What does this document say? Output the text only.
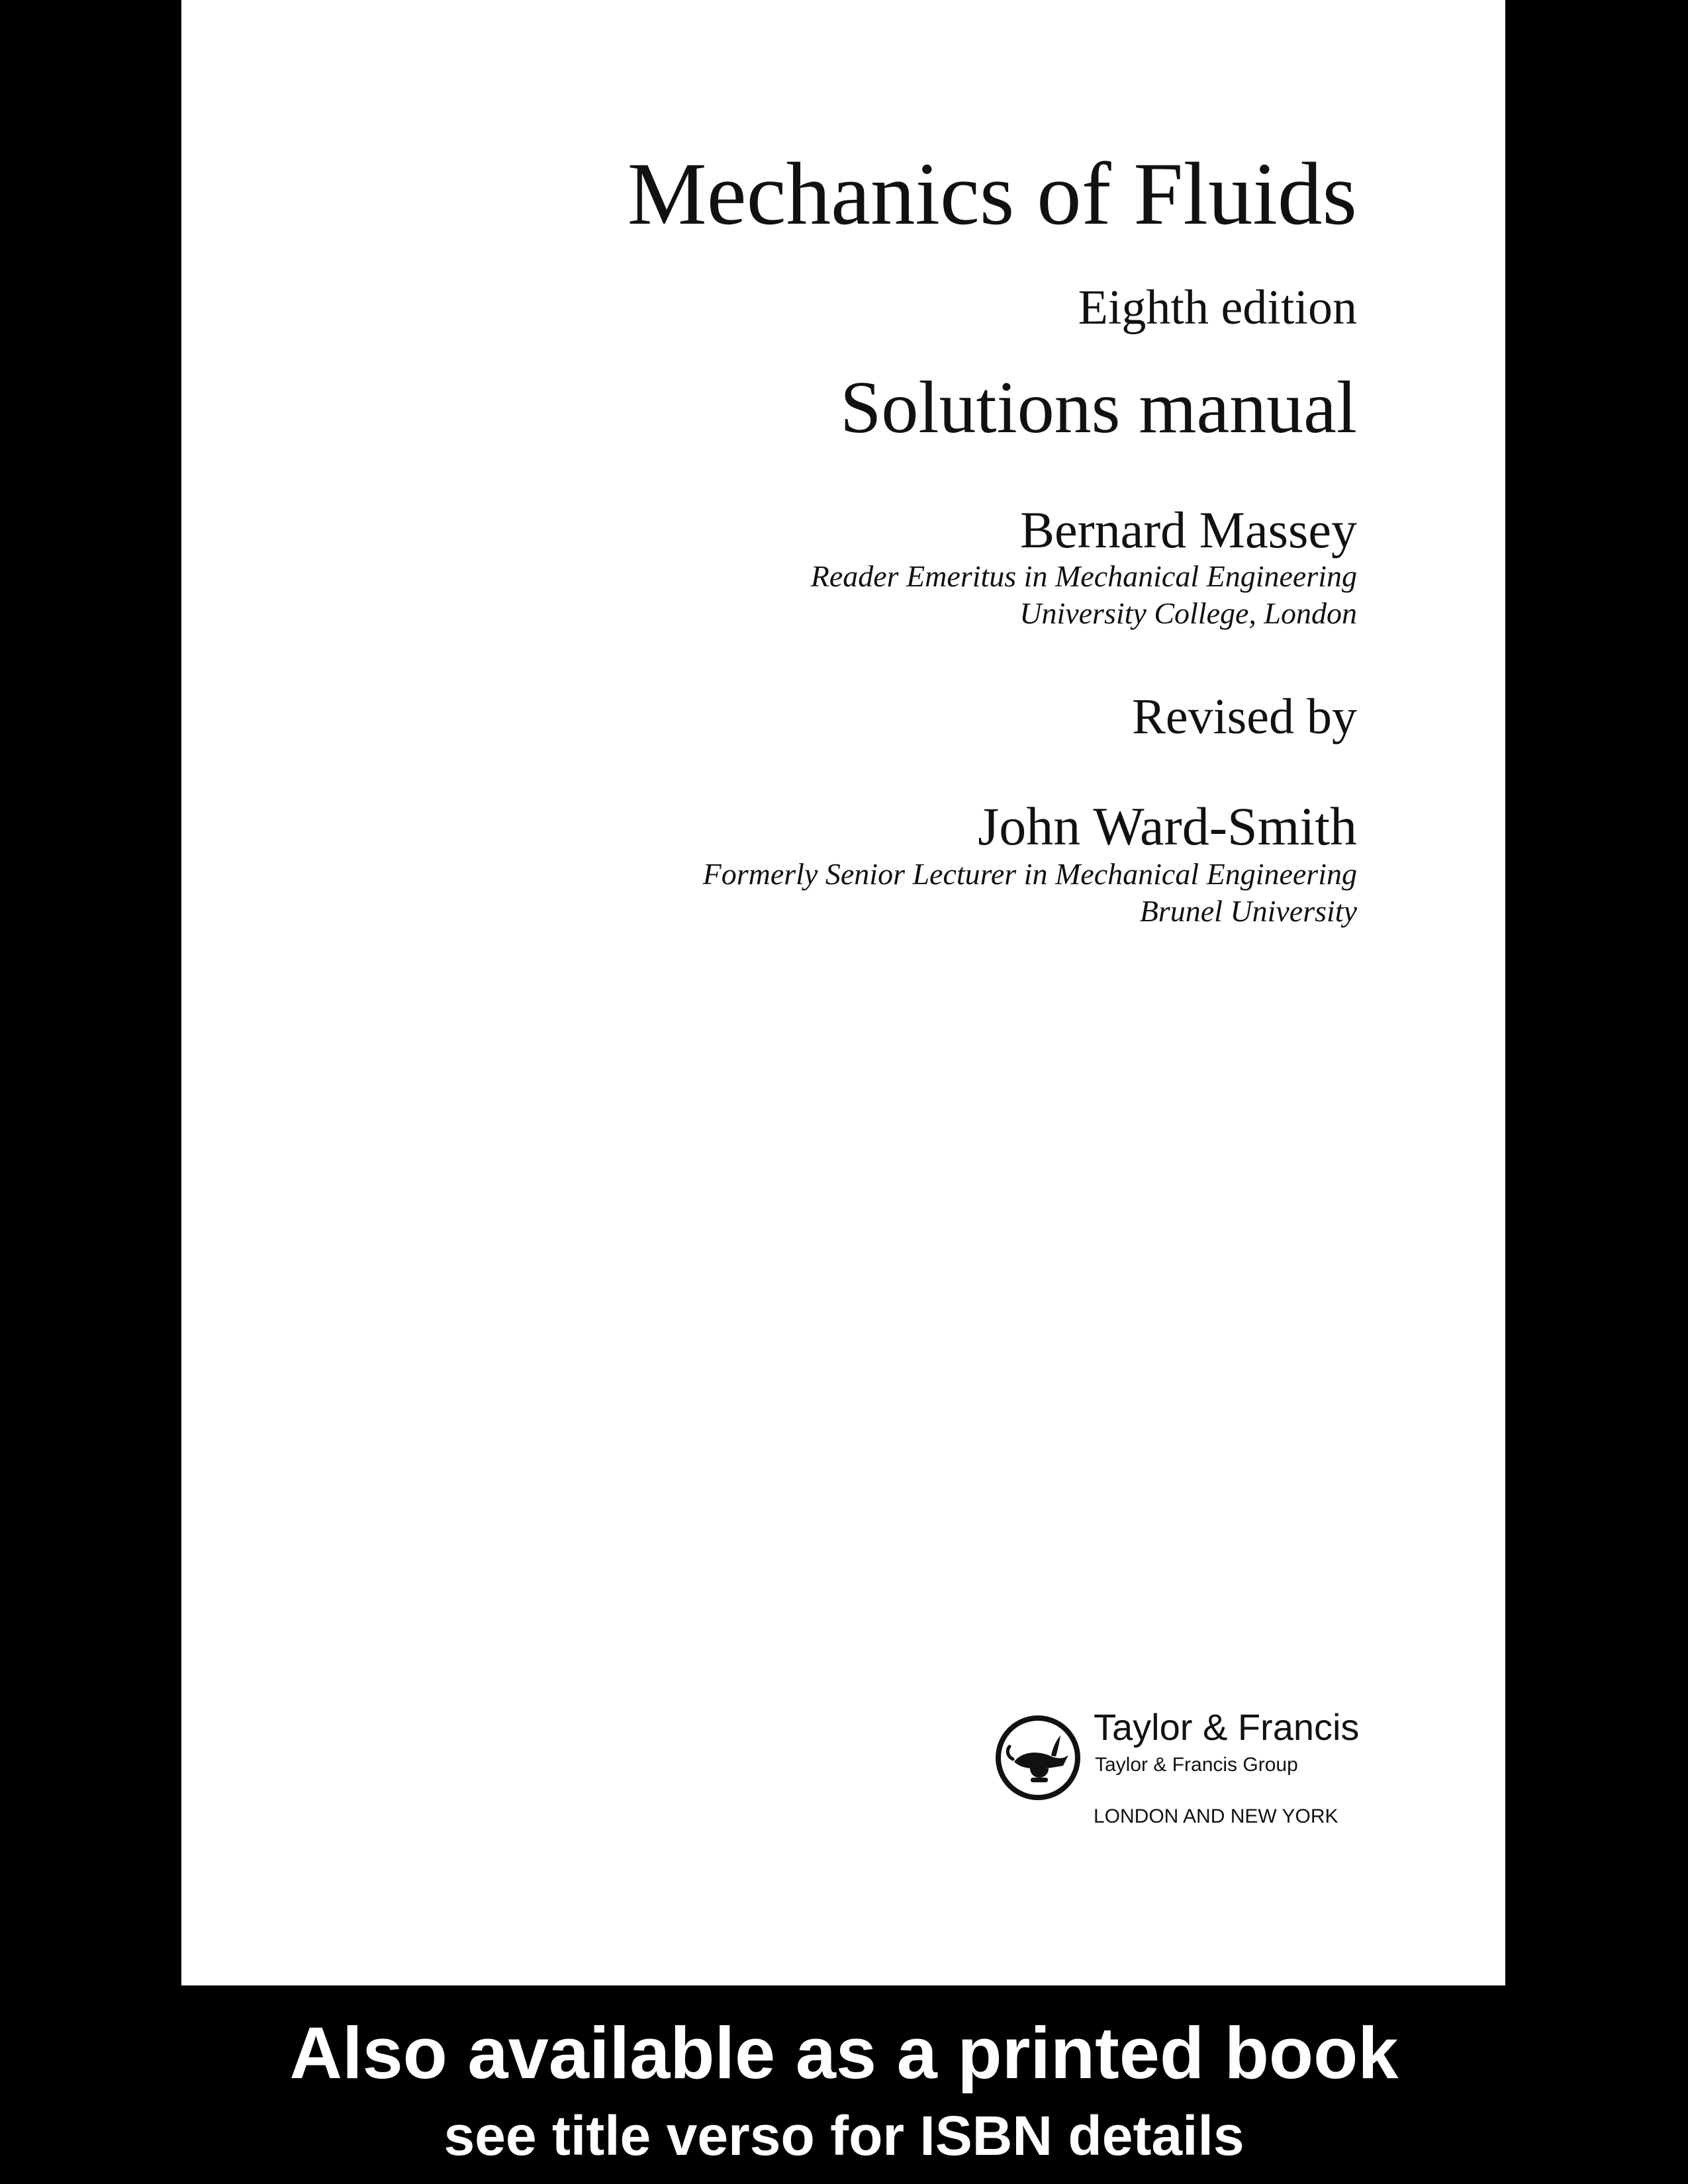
Mechanics of Fluids
Eighth edition
Solutions manual
Bernard Massey
Reader Emeritus in Mechanical Engineering
University College, London
Revised by
John Ward-Smith
Formerly Senior Lecturer in Mechanical Engineering
Brunel University
Taylor & Francis
Taylor & Francis Group
LONDON AND NEW YORK
Also available as a printed book
see title verso for ISBN details
